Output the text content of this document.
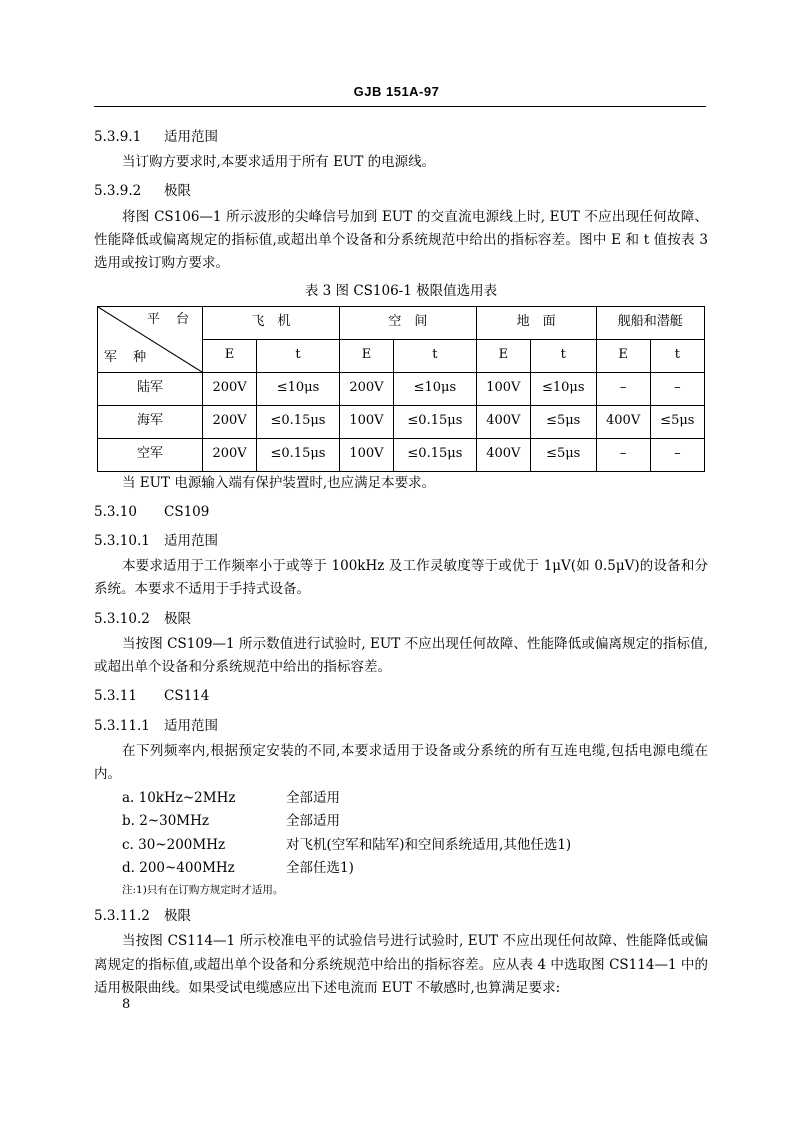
GJB 151A-97
5.3.9.1 适用范围

当订购方要求时,本要求适用于所有 EUT 的电源线。

5.3.9.2 极限

将图 CS106—1 所示波形的尖峰信号加到 EUT 的交直流电源线上时, EUT 不应出现任何故障、性能降低或偏离规定的指标值,或超出单个设备和分系统规范中给出的指标容差。图中 E 和 t 值按表 3 选用或按订购方要求。

表 3 图 CS106-1 极限值选用表
平 台
军 种	飞　机		空　间		地　面		舰船和潜艇	
	E	t	E	t	E	t	E	t
陆军	200V	≤10μs	200V	≤10μs	100V	≤10μs	–	–
海军	200V	≤0.15μs	100V	≤0.15μs	400V	≤5μs	400V	≤5μs
空军	200V	≤0.15μs	100V	≤0.15μs	400V	≤5μs	–	–

当 EUT 电源输入端有保护装置时,也应满足本要求。

5.3.10 CS109
5.3.10.1 适用范围

本要求适用于工作频率小于或等于 100kHz 及工作灵敏度等于或优于 1μV(如 0.5μV)的设备和分系统。本要求不适用于手持式设备。

5.3.10.2 极限

当按图 CS109—1 所示数值进行试验时, EUT 不应出现任何故障、性能降低或偏离规定的指标值,或超出单个设备和分系统规范中给出的指标容差。

5.3.11 CS114
5.3.11.1 适用范围

在下列频率内,根据预定安装的不同,本要求适用于设备或分系统的所有互连电缆,包括电源电缆在内。

a. 10kHz~2MHz	全部适用
b. 2~30MHz	全部适用
c. 30~200MHz	对飞机(空军和陆军)和空间系统适用,其他任选1)
d. 200~400MHz	全部任选1)

注:1)只有在订购方规定时才适用。

5.3.11.2 极限

当按图 CS114—1 所示校准电平的试验信号进行试验时, EUT 不应出现任何故障、性能降低或偏离规定的指标值,或超出单个设备和分系统规范中给出的指标容差。应从表 4 中选取图 CS114—1 中的适用极限曲线。如果受试电缆感应出下述电流而 EUT 不敏感时,也算满足要求:

8
